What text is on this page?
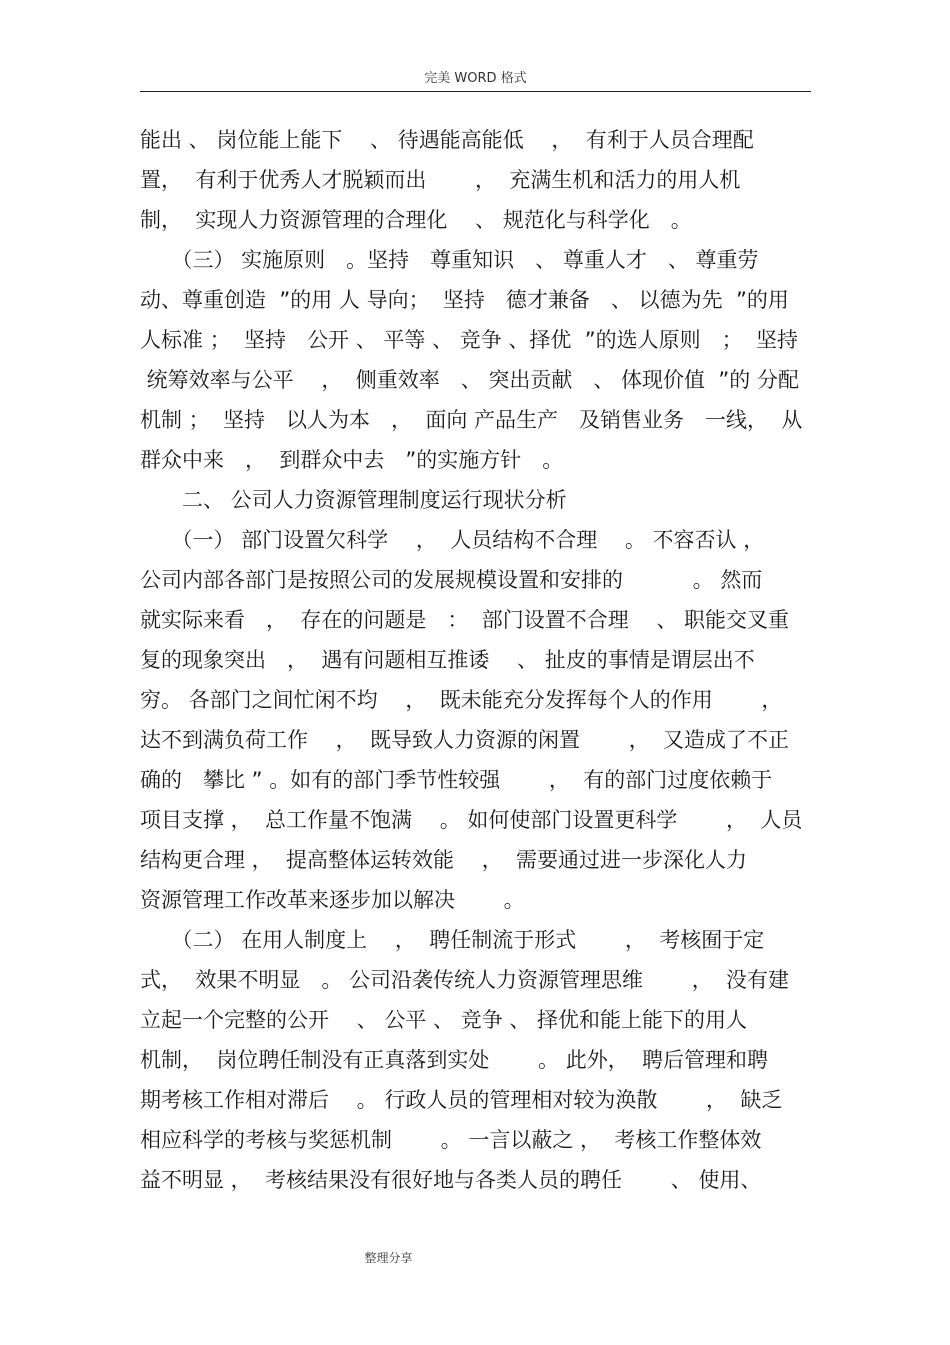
完美 WORD 格式
能出 、 岗位能上能下　 、 待遇能高能低　 ，  有利于人员合理配
置，  有利于优秀人才脱颖而出　　 ，  充满生机和活力的用人机
制，  实现人力资源管理的合理化　 、 规范化与科学化　。
　　（三） 实施原则　。坚持　尊重知识　、 尊重人才　、 尊重劳
动、尊重创造  ”的用 人 导向；  坚持　德才兼备　、 以德为先  ”的用
人标准 ；  坚持　公开 、 平等 、 竞争 、择优  ”的选人原则　；  坚持
统筹效率与公平　 ，  侧重效率　、 突出贡献　、 体现价值  ”的 分配
机制 ；  坚持　以人为本　，  面向 产品生产　及销售业务　一线，  从
群众中来　，  到群众中去　”的实施方针　。
　　二、 公司人力资源管理制度运行现状分析
　　（一） 部门设置欠科学　 ，  人员结构不合理　 。 不容否认 ，
公司内部各部门是按照公司的发展规模设置和安排的　　　 。 然而
就实际来看　，  存在的问题是　：  部门设置不合理　 、 职能交叉重
复的现象突出　，  遇有问题相互推诿　 、 扯皮的事情是谓层出不
穷。 各部门之间忙闲不均　 ，  既未能充分发挥每个人的作用　　 ，
达不到满负荷工作　 ，  既导致人力资源的闲置　　 ，  又造成了不正
确的　攀比 ” 。如有的部门季节性较强　　 ，  有的部门过度依赖于
项目支撑 ，  总工作量不饱满　 。 如何使部门设置更科学　　 ，  人员
结构更合理 ，  提高整体运转效能　 ，  需要通过进一步深化人力
资源管理工作改革来逐步加以解决　　 。
　　（二） 在用人制度上　 ，  聘任制流于形式　　 ，  考核囿于定
式，  效果不明显　。 公司沿袭传统人力资源管理思维　　 ，  没有建
立起一个完整的公开　 、 公平 、 竞争 、 择优和能上能下的用人
机制，  岗位聘任制没有正真落到实处　　 。 此外，  聘后管理和聘
期考核工作相对滞后　 。 行政人员的管理相对较为涣散　　 ，  缺乏
相应科学的考核与奖惩机制　　 。 一言以蔽之 ，  考核工作整体效
益不明显 ，  考核结果没有很好地与各类人员的聘任　　 、 使用、
整理分享
